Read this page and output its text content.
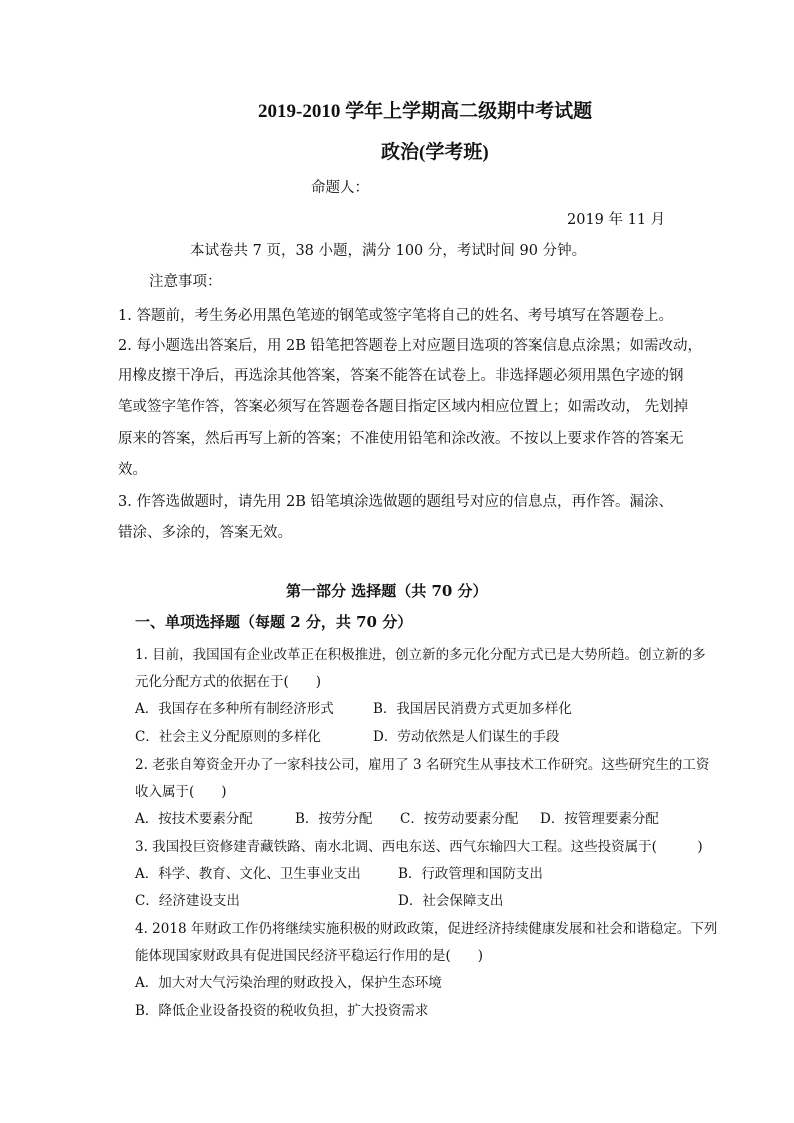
2019-2010 学年上学期高二级期中考试题
政治(学考班)
命题人：
2019 年 11 月
本试卷共 7 页，38 小题，满分 100 分，考试时间 90 分钟。
注意事项：
1. 答题前，考生务必用黑色笔迹的钢笔或签字笔将自己的姓名、考号填写在答题卷上。
2. 每小题选出答案后，用 2B 铅笔把答题卷上对应题目选项的答案信息点涂黑；如需改动，
用橡皮擦干净后，再选涂其他答案，答案不能答在试卷上。非选择题必须用黑色字迹的钢
笔或签字笔作答，答案必须写在答题卷各题目指定区域内相应位置上；如需改动， 先划掉
原来的答案，然后再写上新的答案；不准使用铅笔和涂改液。不按以上要求作答的答案无
效。
3. 作答选做题时，请先用 2B 铅笔填涂选做题的题组号对应的信息点，再作答。漏涂、
错涂、多涂的，答案无效。
第一部分 选择题（共 70 分）
一、单项选择题（每题 2 分，共 70 分）
1. 目前，我国国有企业改革正在积极推进，创立新的多元化分配方式已是大势所趋。创立新的多
元化分配方式的依据在于(　　)
A．我国存在多种所有制经济形式	B．我国居民消费方式更加多样化
C．社会主义分配原则的多样化	D．劳动依然是人们谋生的手段
2. 老张自筹资金开办了一家科技公司，雇用了 3 名研究生从事技术工作研究。这些研究生的工资
收入属于(　　)
A．按技术要素分配	B．按劳分配 C．按劳动要素分配 D．按管理要素分配
3. 我国投巨资修建青藏铁路、南水北调、西电东送、西气东输四大工程。这些投资属于(　　　)
A．科学、教育、文化、卫生事业支出	B．行政管理和国防支出
C．经济建设支出	D．社会保障支出
4. 2018 年财政工作仍将继续实施积极的财政政策，促进经济持续健康发展和社会和谐稳定。下列
能体现国家财政具有促进国民经济平稳运行作用的是(　　)
A．加大对大气污染治理的财政投入，保护生态环境
B．降低企业设备投资的税收负担，扩大投资需求
